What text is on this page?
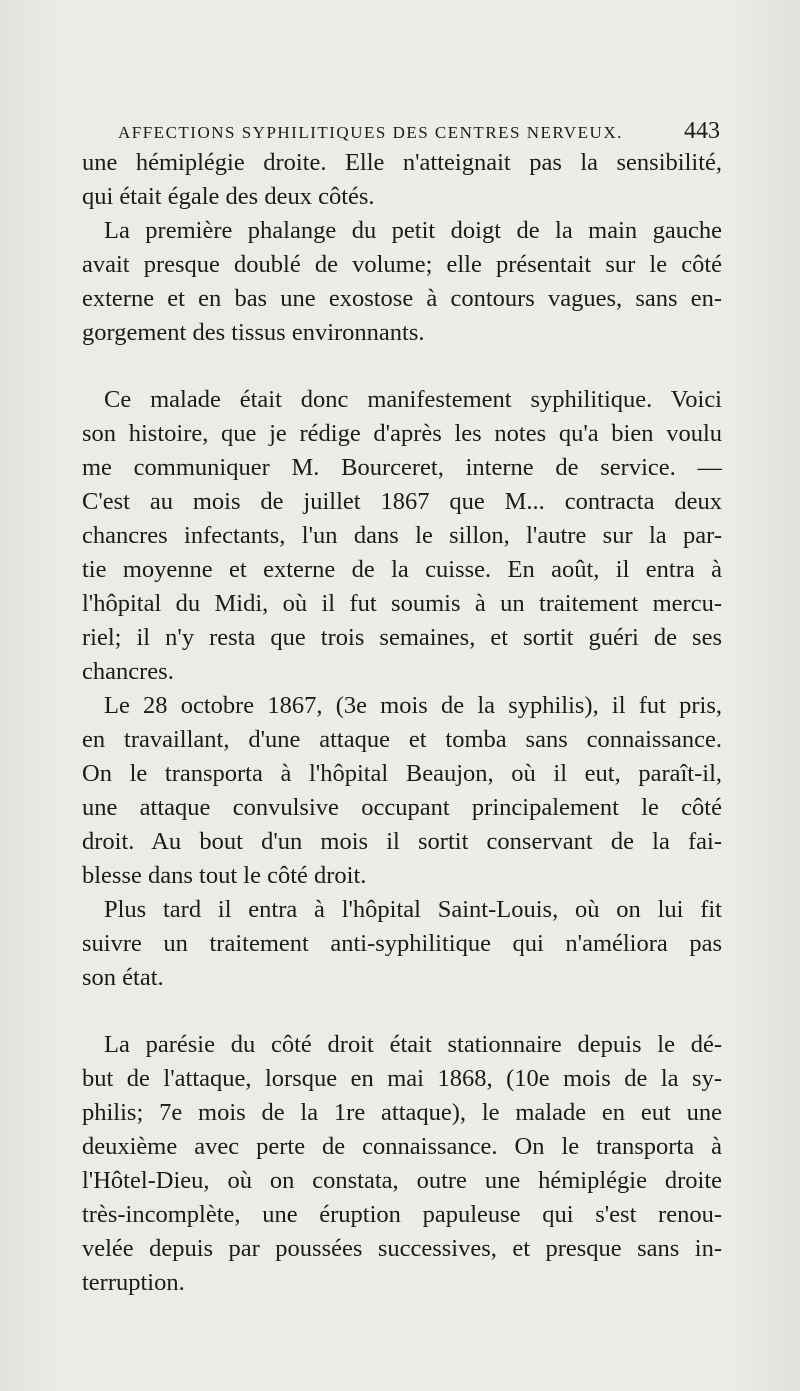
AFFECTIONS SYPHILITIQUES DES CENTRES NERVEUX.	443

une hémiplégie droite. Elle n'atteignait pas la sensibilité,
qui était égale des deux côtés.

La première phalange du petit doigt de la main gauche
avait presque doublé de volume; elle présentait sur le côté
externe et en bas une exostose à contours vagues, sans en-
gorgement des tissus environnants.

Ce malade était donc manifestement syphilitique. Voici
son histoire, que je rédige d'après les notes qu'a bien voulu
me communiquer M. Bourceret, interne de service. —
C'est au mois de juillet 1867 que M... contracta deux
chancres infectants, l'un dans le sillon, l'autre sur la par-
tie moyenne et externe de la cuisse. En août, il entra à
l'hôpital du Midi, où il fut soumis à un traitement mercu-
riel; il n'y resta que trois semaines, et sortit guéri de ses
chancres.

Le 28 octobre 1867, (3e mois de la syphilis), il fut pris,
en travaillant, d'une attaque et tomba sans connaissance.
On le transporta à l'hôpital Beaujon, où il eut, paraît-il,
une attaque convulsive occupant principalement le côté
droit. Au bout d'un mois il sortit conservant de la fai-
blesse dans tout le côté droit.

Plus tard il entra à l'hôpital Saint-Louis, où on lui fit
suivre un traitement anti-syphilitique qui n'améliora pas
son état.

La parésie du côté droit était stationnaire depuis le dé-
but de l'attaque, lorsque en mai 1868, (10e mois de la sy-
philis; 7e mois de la 1re attaque), le malade en eut une
deuxième avec perte de connaissance. On le transporta à
l'Hôtel-Dieu, où on constata, outre une hémiplégie droite
très-incomplète, une éruption papuleuse qui s'est renou-
velée depuis par poussées successives, et presque sans in-
terruption.
